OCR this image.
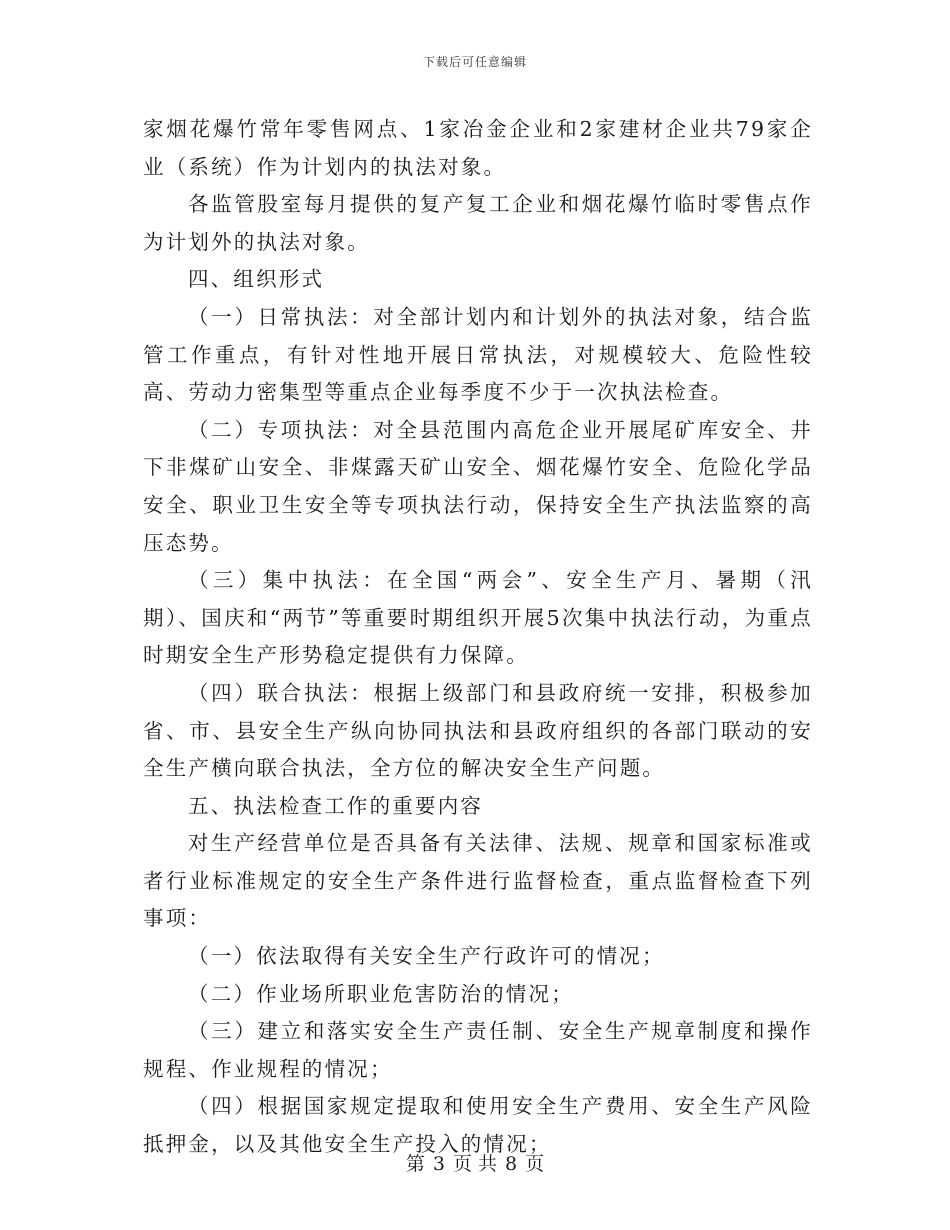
下载后可任意编辑

家烟花爆竹常年零售网点、1家冶金企业和2家建材企业共79家企业（系统）作为计划内的执法对象。

各监管股室每月提供的复产复工企业和烟花爆竹临时零售点作为计划外的执法对象。

四、组织形式

（一）日常执法：对全部计划内和计划外的执法对象，结合监管工作重点，有针对性地开展日常执法，对规模较大、危险性较高、劳动力密集型等重点企业每季度不少于一次执法检查。

（二）专项执法：对全县范围内高危企业开展尾矿库安全、井下非煤矿山安全、非煤露天矿山安全、烟花爆竹安全、危险化学品安全、职业卫生安全等专项执法行动，保持安全生产执法监察的高压态势。

（三）集中执法：在全国“两会”、安全生产月、暑期（汛期）、国庆和“两节”等重要时期组织开展5次集中执法行动，为重点时期安全生产形势稳定提供有力保障。

（四）联合执法：根据上级部门和县政府统一安排，积极参加省、市、县安全生产纵向协同执法和县政府组织的各部门联动的安全生产横向联合执法，全方位的解决安全生产问题。

五、执法检查工作的重要内容

对生产经营单位是否具备有关法律、法规、规章和国家标准或者行业标准规定的安全生产条件进行监督检查，重点监督检查下列事项：

（一）依法取得有关安全生产行政许可的情况；

（二）作业场所职业危害防治的情况；

（三）建立和落实安全生产责任制、安全生产规章制度和操作规程、作业规程的情况；

（四）根据国家规定提取和使用安全生产费用、安全生产风险抵押金，以及其他安全生产投入的情况；

第 3 页 共 8 页
